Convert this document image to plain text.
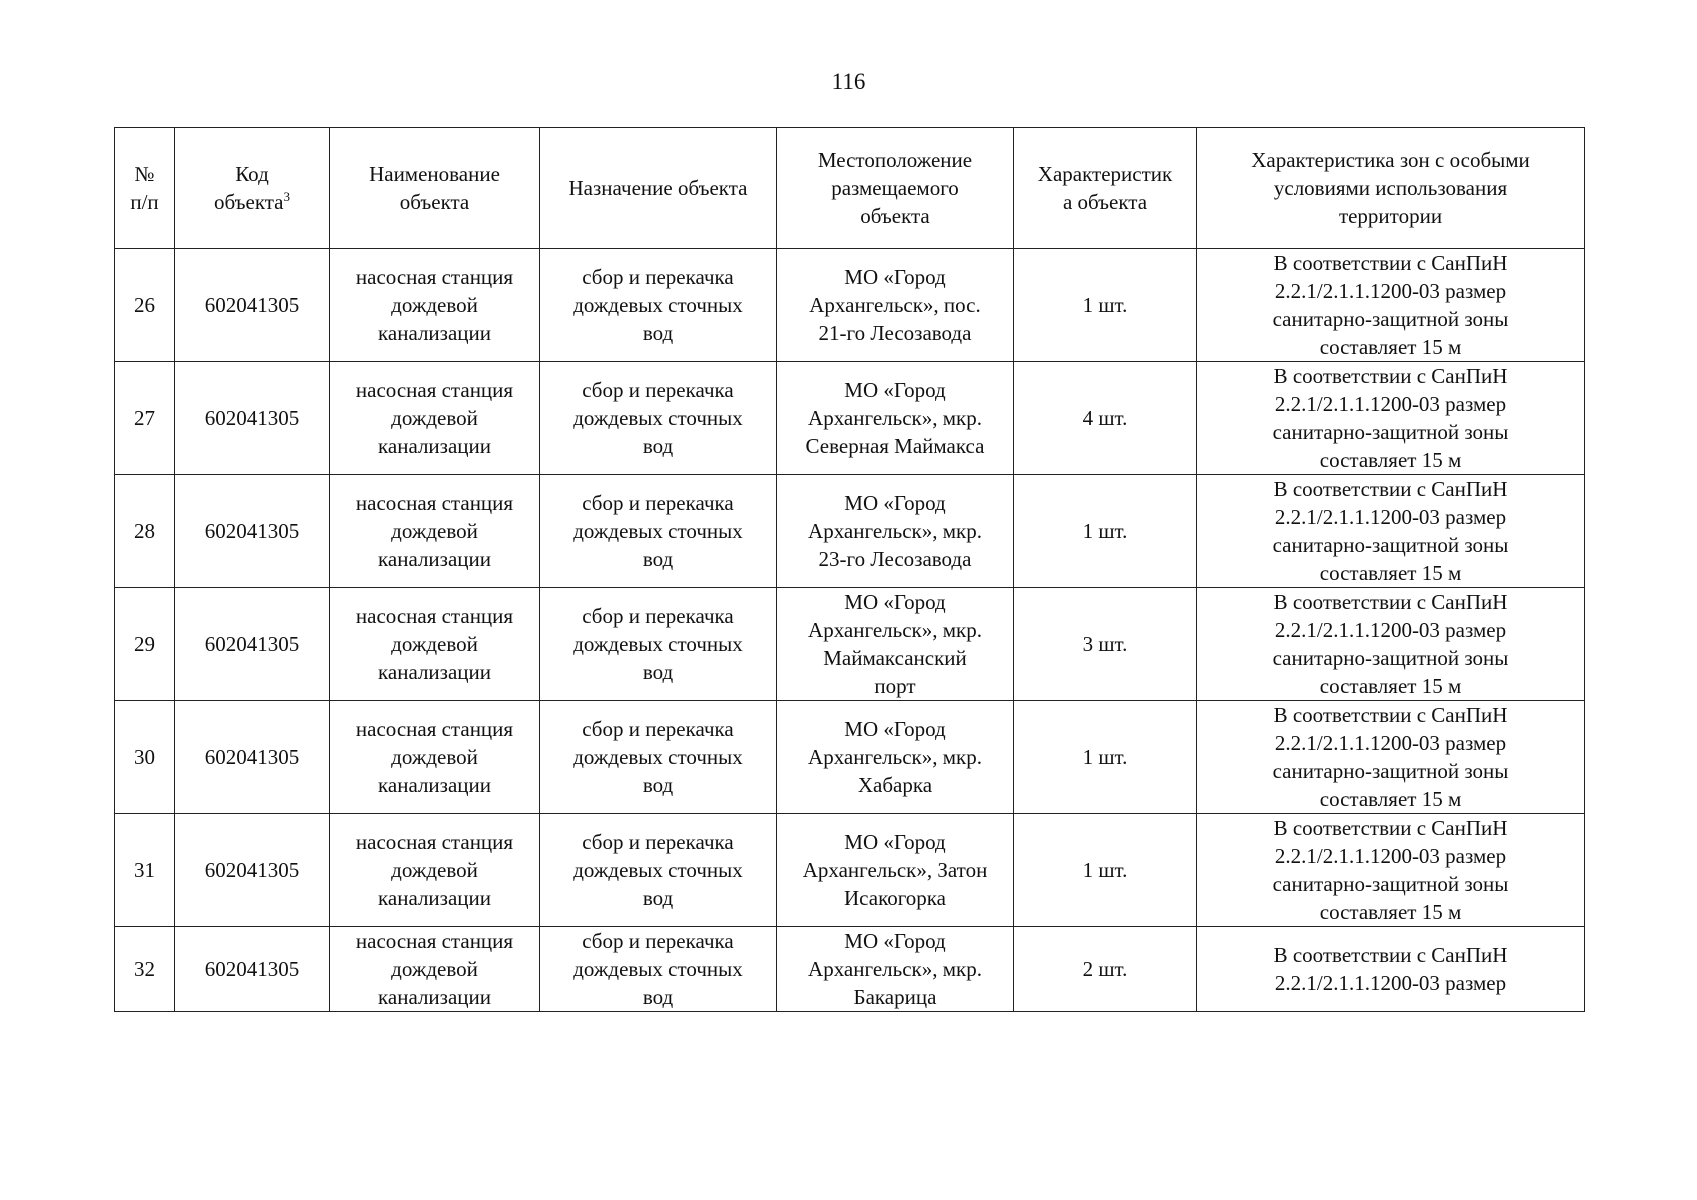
116
№
п/п	Код
объекта$^3$	Наименование
объекта	Назначение объекта	Местоположение
размещаемого
объекта	Характеристик
а объекта	Характеристика зон с особыми
условиями использования
территории
26	602041305	насосная станция
дождевой
канализации	сбор и перекачка
дождевых сточных
вод	МО «Город
Архангельск», пос.
21-го Лесозавода	1 шт.	В соответствии с СанПиН
2.2.1/2.1.1.1200-03 размер
санитарно-защитной зоны
составляет 15 м
27	602041305	насосная станция
дождевой
канализации	сбор и перекачка
дождевых сточных
вод	МО «Город
Архангельск», мкр.
Северная Маймакса	4 шт.	В соответствии с СанПиН
2.2.1/2.1.1.1200-03 размер
санитарно-защитной зоны
составляет 15 м
28	602041305	насосная станция
дождевой
канализации	сбор и перекачка
дождевых сточных
вод	МО «Город
Архангельск», мкр.
23-го Лесозавода	1 шт.	В соответствии с СанПиН
2.2.1/2.1.1.1200-03 размер
санитарно-защитной зоны
составляет 15 м
29	602041305	насосная станция
дождевой
канализации	сбор и перекачка
дождевых сточных
вод	МО «Город
Архангельск», мкр.
Маймаксанский
порт	3 шт.	В соответствии с СанПиН
2.2.1/2.1.1.1200-03 размер
санитарно-защитной зоны
составляет 15 м
30	602041305	насосная станция
дождевой
канализации	сбор и перекачка
дождевых сточных
вод	МО «Город
Архангельск», мкр.
Хабарка	1 шт.	В соответствии с СанПиН
2.2.1/2.1.1.1200-03 размер
санитарно-защитной зоны
составляет 15 м
31	602041305	насосная станция
дождевой
канализации	сбор и перекачка
дождевых сточных
вод	МО «Город
Архангельск», Затон
Исакогорка	1 шт.	В соответствии с СанПиН
2.2.1/2.1.1.1200-03 размер
санитарно-защитной зоны
составляет 15 м
32	602041305	насосная станция
дождевой
канализации	сбор и перекачка
дождевых сточных
вод	МО «Город
Архангельск», мкр.
Бакарица	2 шт.	В соответствии с СанПиН
2.2.1/2.1.1.1200-03 размер
